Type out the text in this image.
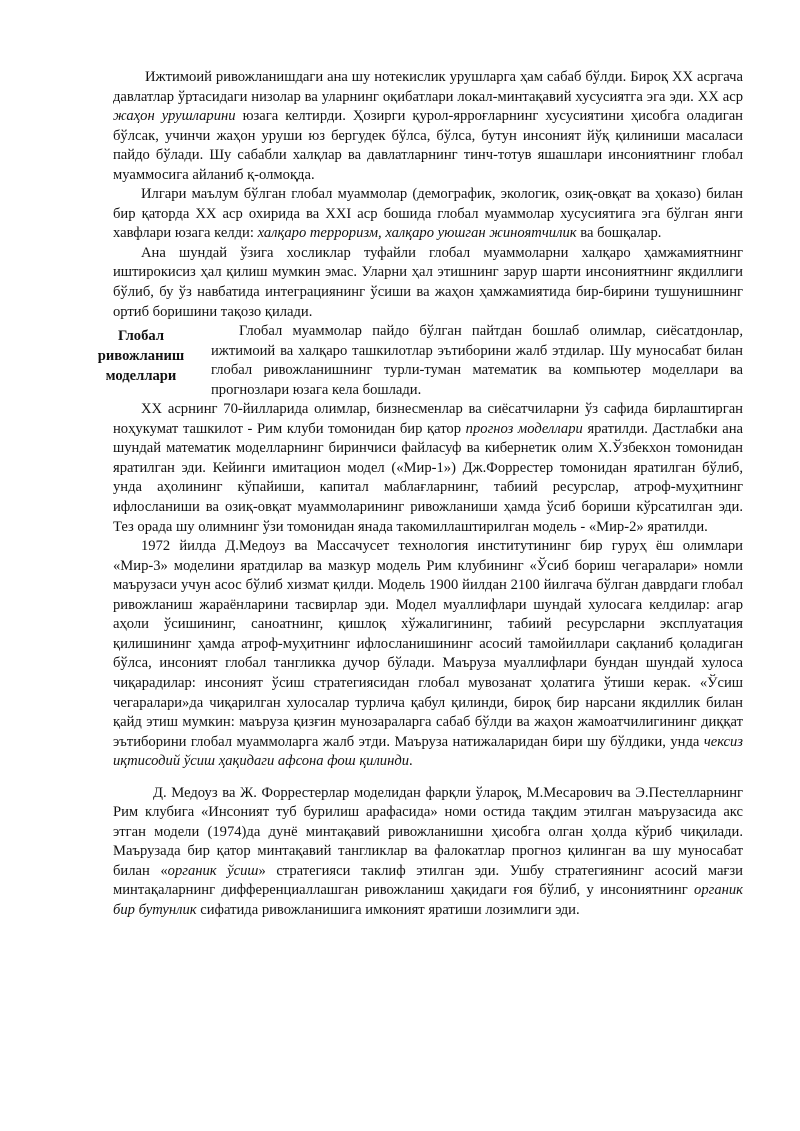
Ижтимоий ривожланишдаги ана шу нотекислик урушларга ҳам сабаб бўлди. Бироқ XX асргача давлатлар ўртасидаги низолар ва уларнинг оқибатлари локал-минтақавий хусусиятга эга эди. XX аср жаҳон урушларини юзага келтирди. Ҳозирги қурол-ярроғларнинг хусусиятини ҳисобга оладиган бўлсак, учинчи жаҳон уруши юз бергудек бўлса, бўлса, бутун инсоният йўқ қилиниши масаласи пайдо бўлади. Шу сабабли халқлар ва давлатларнинг тинч-тотув яшашлари инсониятнинг глобал муаммосига айланиб қ-олмоқда.

Илгари маълум бўлган глобал муаммолар (демографик, экологик, озиқ-овқат ва ҳоказо) билан бир қаторда XX аср охирида ва XXI аср бошида глобал муаммолар хусусиятига эга бўлган янги хавфлари юзага келди: халқаро терроризм, халқаро уюшган жиноятчилик ва бошқалар.

Ана шундай ўзига хосликлар туфайли глобал муаммоларни халқаро ҳамжамиятнинг иштирокисиз ҳал қилиш мумкин эмас. Уларни ҳал этишнинг зарур шарти инсониятнинг якдиллиги бўлиб, бу ўз навбатида интеграциянинг ўсиши ва жаҳон ҳамжамиятида бир-бирини тушунишнинг ортиб боришини тақозо қилади.

Глобал ривожланиш моделлари

Глобал муаммолар пайдо бўлган пайтдан бошлаб олимлар, сиёсатдонлар, ижтимоий ва халқаро ташкилотлар эътиборини жалб этдилар. Шу муносабат билан глобал ривожланишнинг турли-туман математик ва компьютер моделлари ва прогнозлари юзага кела бошлади.

XX асрнинг 70-йилларида олимлар, бизнесменлар ва сиёсатчиларни ўз сафида бирлаштирган ноҳукумат ташкилот - Рим клуби томонидан бир қатор прогноз моделлари яратилди. Дастлабки ана шундай математик моделларнинг биринчиси файласуф ва кибернетик олим Х.Ўзбекхон томонидан яратилган эди. Кейинги имитацион модел («Мир-1») Дж.Форрестер томонидан яратилган бўлиб, унда аҳолининг кўпайиши, капитал маблағларнинг, табиий ресурслар, атроф-муҳитнинг ифлосланиши ва озиқ-овқат муаммоларининг ривожланиши ҳамда ўсиб бориши кўрсатилган эди. Тез орада шу олимнинг ўзи томонидан янада такомиллаштирилган модель - «Мир-2» яратилди.

1972 йилда Д.Медоуз ва Массачусет технология институтининг бир гуруҳ ёш олимлари «Мир-3» моделини яратдилар ва мазкур модель Рим клубининг «Ўсиб бориш чегаралари» номли маърузаси учун асос бўлиб хизмат қилди. Модель 1900 йилдан 2100 йилгача бўлган даврдаги глобал ривожланиш жараёнларини тасвирлар эди. Модел муаллифлари шундай хулосага келдилар: агар аҳоли ўсишининг, саноатнинг, қишлоқ хўжалигининг, табиий ресурсларни эксплуатация қилишининг ҳамда атроф-муҳитнинг ифлосланишининг асосий тамойиллари сақланиб қоладиган бўлса, инсоният глобал тангликка дучор бўлади. Маъруза муаллифлари бундан шундай хулоса чиқарадилар: инсоният ўсиш стратегиясидан глобал мувозанат ҳолатига ўтиши керак. «Ўсиш чегаралари»да чиқарилган хулосалар турлича қабул қилинди, бироқ бир нарсани якдиллик билан қайд этиш мумкин: маъруза қизғин мунозараларга сабаб бўлди ва жаҳон жамоатчилигининг диққат эътиборини глобал муаммоларга жалб этди. Маъруза натижаларидан бири шу бўлдики, унда чексиз иқтисодий ўсиш ҳақидаги афсона фош қилинди.

Д. Медоуз ва Ж. Форрестерлар моделидан фарқли ўлароқ, М.Месарович ва Э.Пестелларнинг Рим клубига «Инсоният туб бурилиш арафасида» номи остида тақдим этилган маърузасида акс этган модели (1974)да дунё минтақавий ривожланишни ҳисобга олган ҳолда кўриб чиқилади. Маърузада бир қатор минтақавий тангликлар ва фалокатлар прогноз қилинган ва шу муносабат билан «органик ўсиш» стратегияси таклиф этилган эди. Ушбу стратегиянинг асосий мағзи минтақаларнинг дифференциаллашган ривожланиш ҳақидаги ғоя бўлиб, у инсониятнинг органик бир бутунлик сифатида ривожланишига имконият яратиши лозимлиги эди.
